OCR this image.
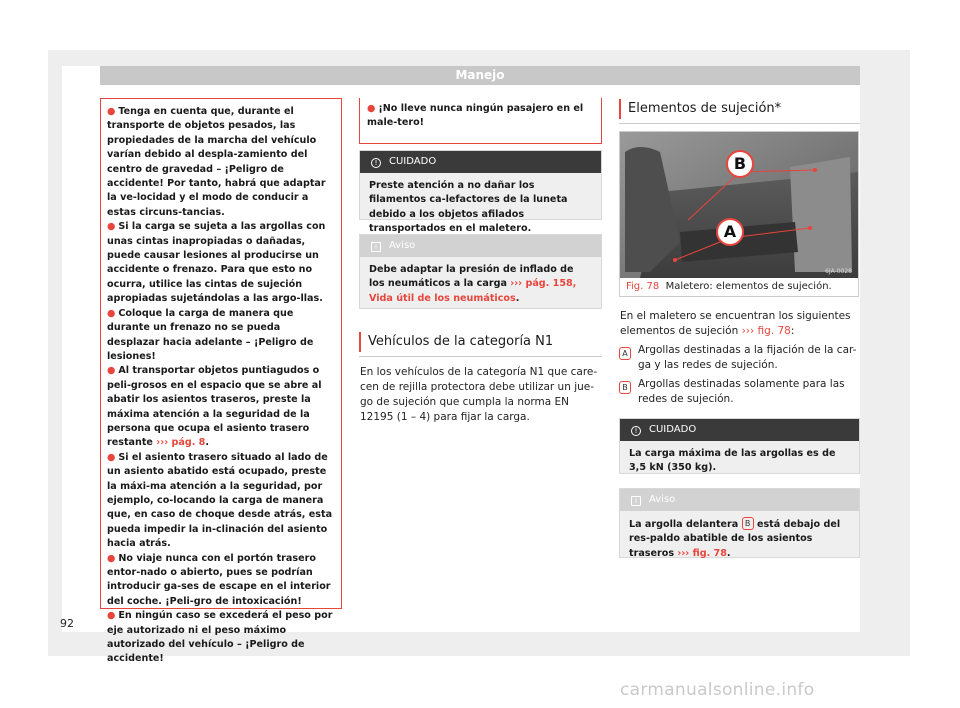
Manejo

● Tenga en cuenta que, durante el transporte de objetos pesados, las propiedades de la marcha del vehículo varían debido al despla-zamiento del centro de gravedad – ¡Peligro de accidente! Por tanto, habrá que adaptar la ve-locidad y el modo de conducir a estas circuns-tancias.

● Si la carga se sujeta a las argollas con unas cintas inapropiadas o dañadas, puede causar lesiones al producirse un accidente o frenazo. Para que esto no ocurra, utilice las cintas de sujeción apropiadas sujetándolas a las argo-llas.

● Coloque la carga de manera que durante un frenazo no se pueda desplazar hacia adelante – ¡Peligro de lesiones!

● Al transportar objetos puntiagudos o peli-grosos en el espacio que se abre al abatir los asientos traseros, preste la máxima atención a la seguridad de la persona que ocupa el asiento trasero restante ››› pág. 8.

● Si el asiento trasero situado al lado de un asiento abatido está ocupado, preste la máxi-ma atención a la seguridad, por ejemplo, co-locando la carga de manera que, en caso de choque desde atrás, esta pueda impedir la in-clinación del asiento hacia atrás.

● No viaje nunca con el portón trasero entor-nado o abierto, pues se podrían introducir ga-ses de escape en el interior del coche. ¡Peli-gro de intoxicación!

● En ningún caso se excederá el peso por eje autorizado ni el peso máximo autorizado del vehículo – ¡Peligro de accidente!

● ¡No lleve nunca ningún pasajero en el male-tero!

! CUIDADO
Preste atención a no dañar los filamentos ca-lefactores de la luneta debido a los objetos afilados transportados en el maletero.
i Aviso
Debe adaptar la presión de inflado de los neumáticos a la carga ››› pág. 158, Vida útil de los neumáticos.
Vehículos de la categoría N1
En los vehículos de la categoría N1 que care-cen de rejilla protectora debe utilizar un jue-go de sujeción que cumpla la norma EN 12195 (1 – 4) para fijar la carga.
Elementos de sujeción*
B
A
6JA-0028
Fig. 78 Maletero: elementos de sujeción.
En el maletero se encuentran los siguientes elementos de sujeción ››› fig. 78:
A Argollas destinadas a la fijación de la car-ga y las redes de sujeción.
B Argollas destinadas solamente para las redes de sujeción.
! CUIDADO
La carga máxima de las argollas es de 3,5 kN (350 kg).
i Aviso
La argolla delantera B está debajo del res-paldo abatible de los asientos traseros ››› fig. 78.
92
carmanualsonline.info
